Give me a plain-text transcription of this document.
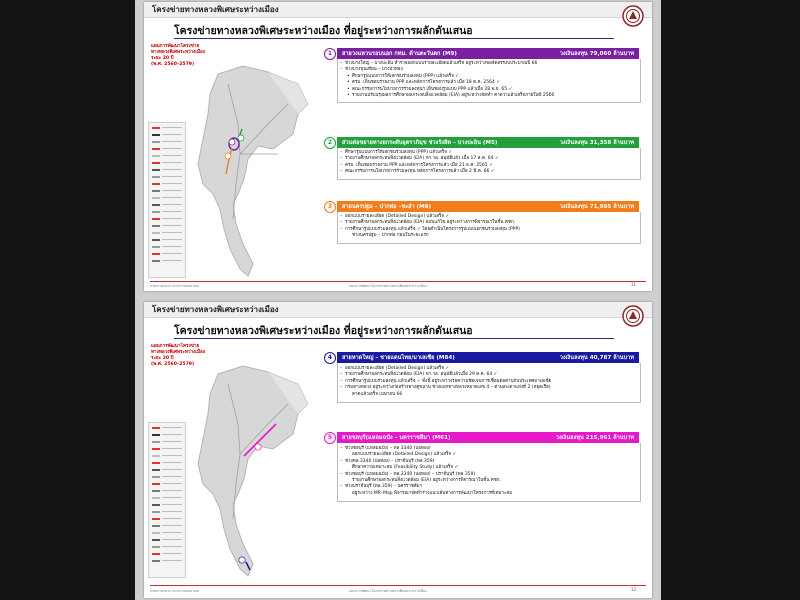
โครงข่ายทางหลวงพิเศษระหว่างเมือง
โครงข่ายทางหลวงพิเศษระหว่างเมือง ที่อยู่ระหว่างการผลักดันเสนอ
แผนการพัฒนาโครงข่าย
ทางหลวงพิเศษระหว่างเมือง
ระยะ 20 ปี
(พ.ศ. 2560–2579)
1	สายวงแหวนรอบนอก กทม. ด้านตะวันตก (M9)	วงเงินลงทุน 79,060 ล้านบาท
– ช่วงบางใหญ่ – บางปะอิน สำรวจออกแบบรายละเอียดแล้วเสร็จ อยู่ระหว่างขอจัดสรรงบประมาณปี 66
– ช่วงบางขุนเทียน – บางบัวทอง
• ศึกษารูปแบบการให้เอกชนร่วมลงทุน (PPP) แล้วเสร็จ ✓
• ครม. เห็นชอบรายงาน PPP และหลักการโครงการแล้ว เมื่อ 18 ต.ค. 2564 ✓
• คณะกรรมการนโยบายการร่วมลงทุนฯ เห็นชอบรูปแบบ PPP แล้วเมื่อ 28 พ.ย. 65 ✓
• รายงานปรับปรุงผลการศึกษาผลกระทบสิ่งแวดล้อม (EIA) อยู่ระหว่างจัดทำ คาดว่าแล้วเสร็จภายในปี 2566
2	ส่วนต่อขยายทางยกระดับอุตราภิมุข ช่วงรังสิต – บางปะอิน (M5)	วงเงินลงทุน 31,358 ล้านบาท
– ศึกษารูปแบบการให้เอกชนร่วมลงทุน (PPP) แล้วเสร็จ ✓
– รายงานศึกษาผลกระทบสิ่งแวดล้อม (EIA) กก.วล. อนุมัติแล้ว เมื่อ 17 ส.ค. 64 ✓
– ครม. เห็นชอบรายงาน PPP และหลักการโครงการแล้ว เมื่อ 21 ธ.ค. 2565 ✓
– คณะกรรมการนโยบายการร่วมลงทุน หลักการโครงการแล้ว เมื่อ 2 มี.ค. 66 ✓
3	สายนครปฐม – ปากท่อ –ชะอำ (M8)	วงเงินลงทุน 71,995 ล้านบาท
– ออกแบบรายละเอียด (Detailed Design) แล้วเสร็จ ✓
– รายงานศึกษาผลกระทบสิ่งแวดล้อม (EIA) ฉบับแก้ไข อยู่ระหว่างการพิจารณาในชั้น คชก.
– การศึกษารูปแบบร่วมลงทุน แล้วเสร็จ ✓ โดยดำเนินโครงการรูปแบบเอกชนร่วมลงทุน (PPP)
ช่วงนครปฐม – ปากท่อ ก่อนในระยะแรก
กรมทางหลวง กระทรวงคมนาคม	แผนการพัฒนาโครงข่ายทางหลวงพิเศษระหว่างเมือง	11
โครงข่ายทางหลวงพิเศษระหว่างเมือง
โครงข่ายทางหลวงพิเศษระหว่างเมือง ที่อยู่ระหว่างการผลักดันเสนอ
แผนการพัฒนาโครงข่าย
ทางหลวงพิเศษระหว่างเมือง
ระยะ 20 ปี
(พ.ศ. 2560–2579)
4	สายหาดใหญ่ – ชายแดนไทย/มาเลเซีย (M84)	วงเงินลงทุน 40,787 ล้านบาท
– ออกแบบรายละเอียด (Detailed Design) แล้วเสร็จ ✓
– รายงานศึกษาผลกระทบสิ่งแวดล้อม (EIA) กก.วล. อนุมัติแล้วเมื่อ 29 ต.ค. 64 ✓
– การศึกษารูปแบบร่วมลงทุน แล้วเสร็จ ✓ ทั้งนี้ อยู่ระหว่างรอความชัดเจนการเชื่อมต่อด่านกับประเทศมาเลเซีย
– กรมทางหลวง อยู่ระหว่างก่อสร้างทางคู่ขนาน ช่วงแยกทางหลวงหมายเลข 4 – ด่านสะเดาแห่งที่ 2 (หยุดเรือ)
คาดแล้วเสร็จ เมษายน 66
5	สายชลบุรี(แหลมฉบัง – นครราชสีมา (M61)	วงเงินลงทุน 215,961 ล้านบาท
– ช่วงชลบุรี (แหลมฉบัง) – ทล.3340 (บ่อทอง)
ออกแบบรายละเอียด (Detailed Design) แล้วเสร็จ ✓
– ช่วงทล.3340 (บ่อทอง) – ปราจีนบุรี (ทล.359)
ศึกษาความเหมาะสม (Feasibility Study) แล้วเสร็จ ✓
– ช่วงชลบุรี (แหลมฉบัง) – ทล.3340 (บ่อทอง) – ปราจีนบุรี (ทล.359)
รายงานศึกษาผลกระทบสิ่งแวดล้อม (EIA) อยู่ระหว่างการพิจารณาในชั้น คชก.
– ช่วงปราจีนบุรี (ทล.359) – นครราชสีมา
อยู่ระหว่าง MR–Map พิจารณาจัดทำร่างแนวเส้นทางการพัฒนาโครงการที่เหมาะสม
กรมทางหลวง กระทรวงคมนาคม	แผนการพัฒนาโครงข่ายทางหลวงพิเศษระหว่างเมือง	12
